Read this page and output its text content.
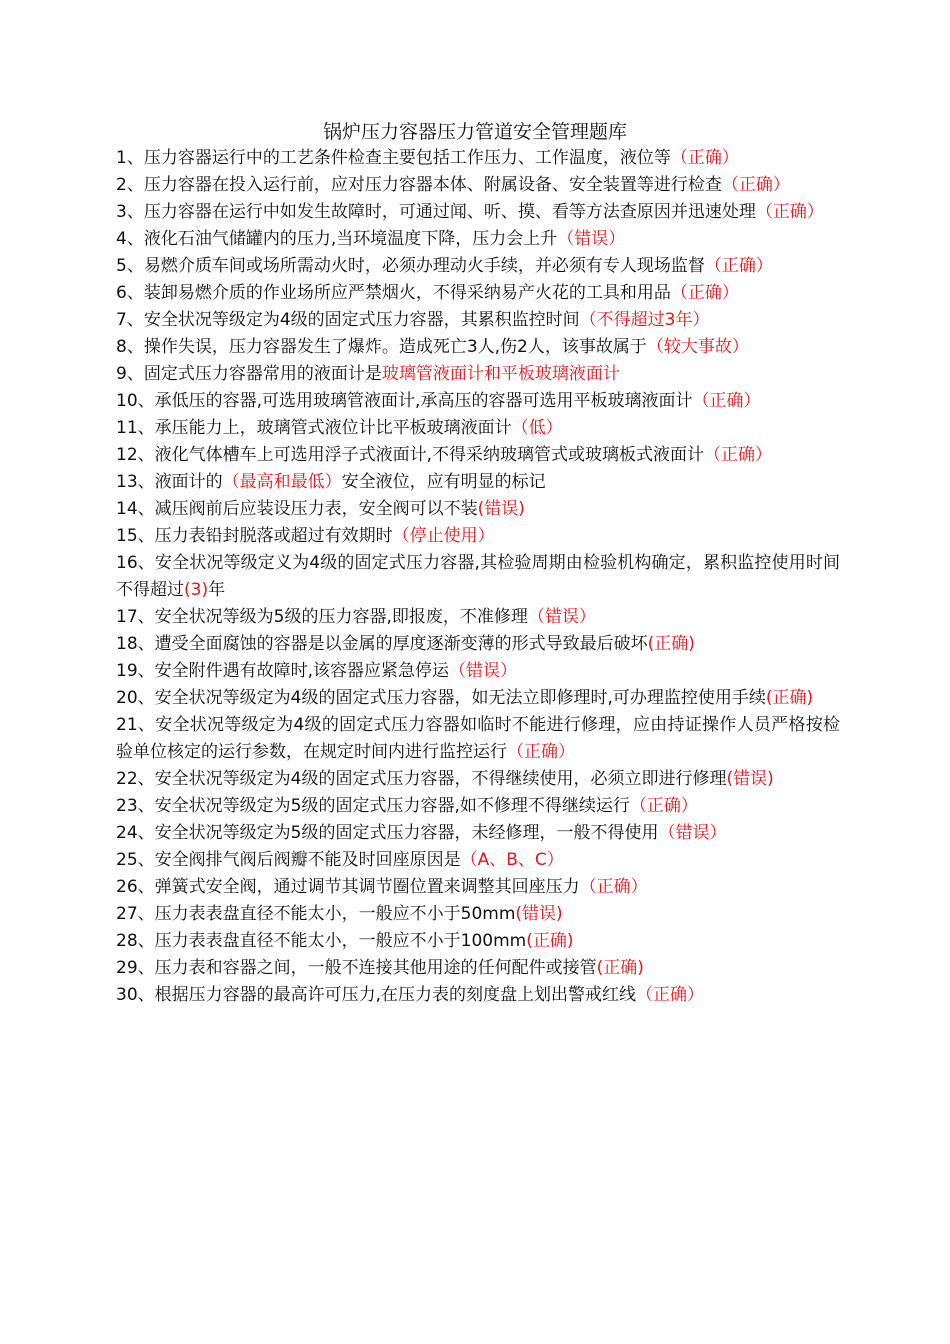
锅炉压力容器压力管道安全管理题库
1、压力容器运行中的工艺条件检查主要包括工作压力、工作温度，液位等（正确）
2、压力容器在投入运行前，应对压力容器本体、附属设备、安全装置等进行检查（正确）
3、压力容器在运行中如发生故障时，可通过闻、听、摸、看等方法查原因并迅速处理（正确）
4、液化石油气储罐内的压力,当环境温度下降，压力会上升（错误）
5、易燃介质车间或场所需动火时，必须办理动火手续，并必须有专人现场监督（正确）
6、装卸易燃介质的作业场所应严禁烟火，不得采纳易产火花的工具和用品（正确）
7、安全状况等级定为4级的固定式压力容器，其累积监控时间（不得超过3年）
8、操作失误，压力容器发生了爆炸。造成死亡3人,伤2人，该事故属于（较大事故）
9、固定式压力容器常用的液面计是玻璃管液面计和平板玻璃液面计
10、承低压的容器,可选用玻璃管液面计,承高压的容器可选用平板玻璃液面计（正确）
11、承压能力上，玻璃管式液位计比平板玻璃液面计（低）
12、液化气体槽车上可选用浮子式液面计,不得采纳玻璃管式或玻璃板式液面计（正确）
13、液面计的（最高和最低）安全液位，应有明显的标记
14、减压阀前后应装设压力表，安全阀可以不装(错误)
15、压力表铅封脱落或超过有效期时（停止使用）
16、安全状况等级定义为4级的固定式压力容器,其检验周期由检验机构确定，累积监控使用时间不得超过(3)年
17、安全状况等级为5级的压力容器,即报废，不准修理（错误）
18、遭受全面腐蚀的容器是以金属的厚度逐渐变薄的形式导致最后破坏(正确)
19、安全附件遇有故障时,该容器应紧急停运（错误）
20、安全状况等级定为4级的固定式压力容器，如无法立即修理时,可办理监控使用手续(正确)
21、安全状况等级定为4级的固定式压力容器如临时不能进行修理，应由持证操作人员严格按检验单位核定的运行参数，在规定时间内进行监控运行（正确）
22、安全状况等级定为4级的固定式压力容器，不得继续使用，必须立即进行修理(错误)
23、安全状况等级定为5级的固定式压力容器,如不修理不得继续运行（正确）
24、安全状况等级定为5级的固定式压力容器，未经修理，一般不得使用（错误）
25、安全阀排气阀后阀瓣不能及时回座原因是（A、B、C）
26、弹簧式安全阀，通过调节其调节圈位置来调整其回座压力（正确）
27、压力表表盘直径不能太小，一般应不小于50mm(错误)
28、压力表表盘直径不能太小，一般应不小于100mm(正确)
29、压力表和容器之间，一般不连接其他用途的任何配件或接管(正确)
30、根据压力容器的最高许可压力,在压力表的刻度盘上划出警戒红线（正确）
